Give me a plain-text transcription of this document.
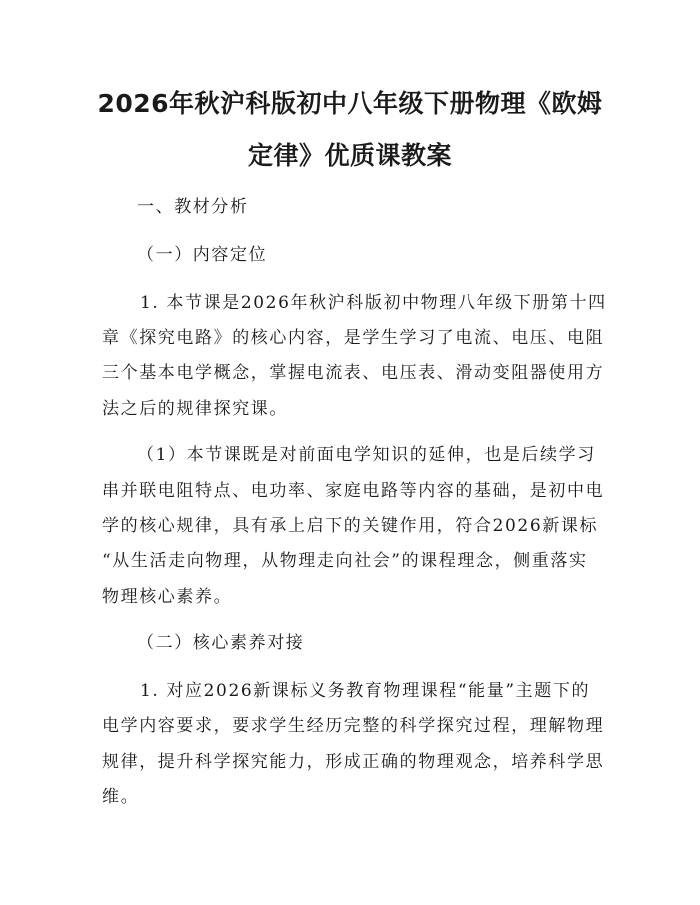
2026年秋沪科版初中八年级下册物理《欧姆
定律》优质课教案
一、教材分析
（一）内容定位
1. 本节课是2026年秋沪科版初中物理八年级下册第十四
章《探究电路》的核心内容，是学生学习了电流、电压、电阻
三个基本电学概念，掌握电流表、电压表、滑动变阻器使用方
法之后的规律探究课。
（1）本节课既是对前面电学知识的延伸，也是后续学习
串并联电阻特点、电功率、家庭电路等内容的基础，是初中电
学的核心规律，具有承上启下的关键作用，符合2026新课标
“从生活走向物理，从物理走向社会”的课程理念，侧重落实
物理核心素养。
（二）核心素养对接
1. 对应2026新课标义务教育物理课程“能量”主题下的
电学内容要求，要求学生经历完整的科学探究过程，理解物理
规律，提升科学探究能力，形成正确的物理观念，培养科学思
维。
